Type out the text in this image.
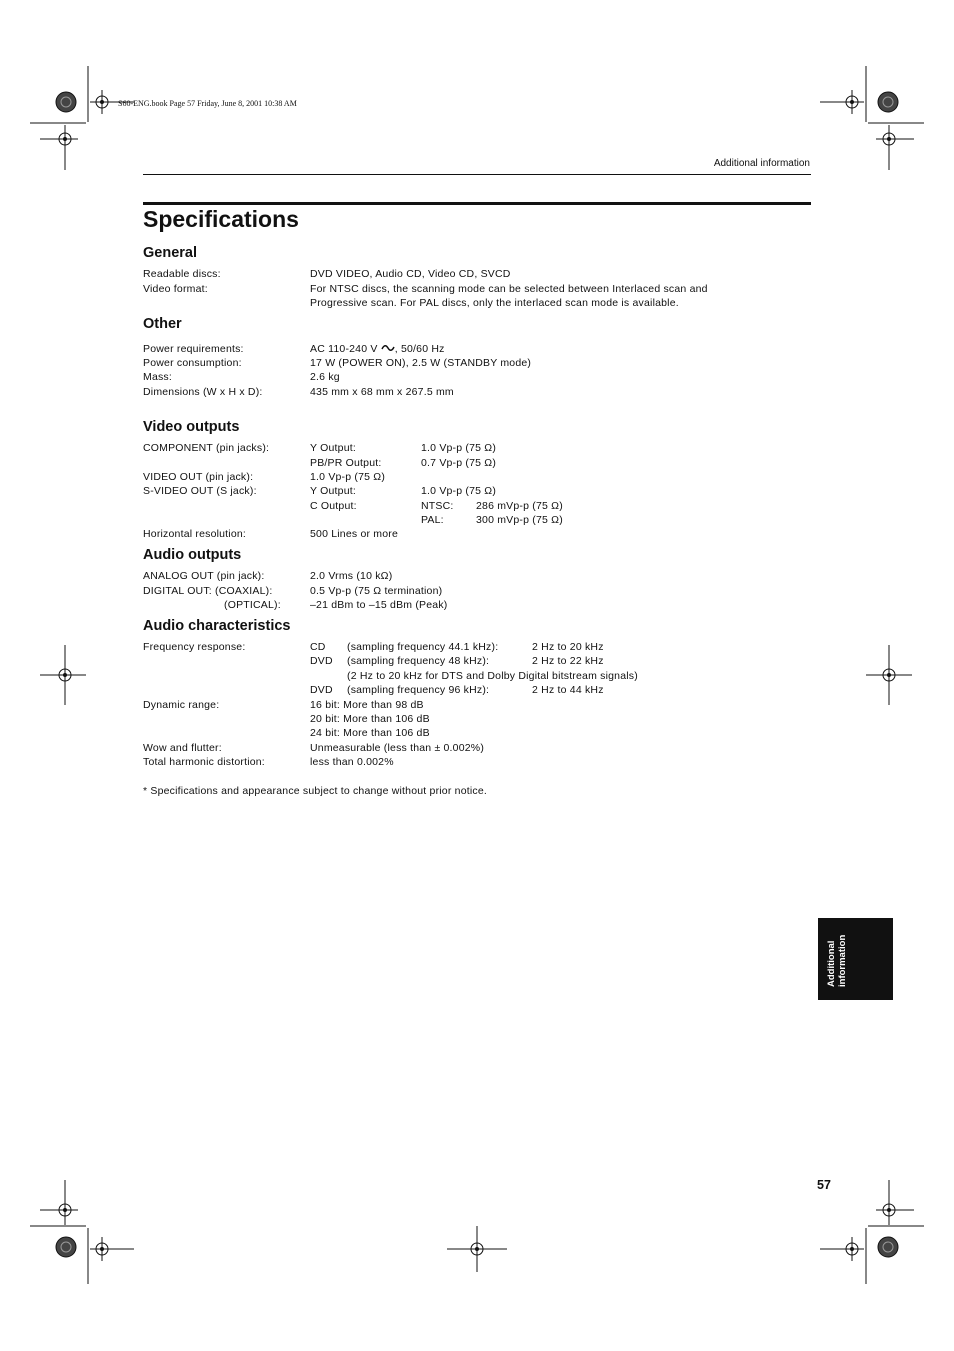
S60-ENG.book Page 57 Friday, June 8, 2001 10:38 AM
Additional information
Specifications
General
Readable discs:	DVD VIDEO, Audio CD, Video CD, SVCD
Video format:	For NTSC discs, the scanning mode can be selected between Interlaced scan and
Progressive scan. For PAL discs, only the interlaced scan mode is available.
Other
Power requirements:	AC 110-240 V , 50/60 Hz
Power consumption:	17 W (POWER ON), 2.5 W (STANDBY mode)
Mass:	2.6 kg
Dimensions (W x H x D):	435 mm x 68 mm x 267.5 mm
Video outputs
COMPONENT (pin jacks):	Y Output:	1.0 Vp-p (75 Ω)
PB/PR Output:	0.7 Vp-p (75 Ω)
VIDEO OUT (pin jack):	1.0 Vp-p (75 Ω)
S-VIDEO OUT (S jack):	Y Output:	1.0 Vp-p (75 Ω)
C Output:	NTSC: 286 mVp-p (75 Ω)
PAL:	300 mVp-p (75 Ω)
Horizontal resolution:	500 Lines or more
Audio outputs
ANALOG OUT (pin jack):	2.0 Vrms (10 kΩ)
DIGITAL OUT: (COAXIAL):	0.5 Vp-p (75 Ω termination)
(OPTICAL):	–21 dBm to –15 dBm (Peak)
Audio characteristics
Frequency response:	CD (sampling frequency 44.1 kHz):	2 Hz to 20 kHz
DVD (sampling frequency 48 kHz):	2 Hz to 22 kHz
(2 Hz to 20 kHz for DTS and Dolby Digital bitstream signals)
DVD (sampling frequency 96 kHz):	2 Hz to 44 kHz
Dynamic range:	16 bit: More than 98 dB
20 bit: More than 106 dB
24 bit: More than 106 dB
Wow and flutter:	Unmeasurable (less than ± 0.002%)
Total harmonic distortion:	less than 0.002%
* Specifications and appearance subject to change without prior notice.
Additional information
57
